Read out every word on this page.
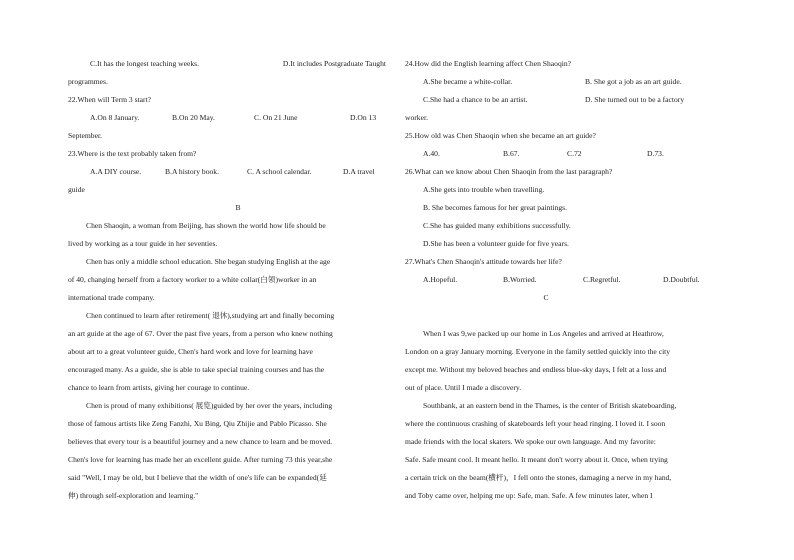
C.It has the longest teaching weeks.	D.It includes Postgraduate Taught
programmes.
22.When will Term 3 start?
A.On 8 January.	B.On 20 May.	C. On 21 June	D.On 13
September.
23.Where is the text probably taken from?
A.A DIY course.	B.A history book.	C. A school calendar.	D.A travel
guide
B
Chen Shaoqin, a woman from Beijing, has shown the world how life should be
lived by working as a tour guide in her seventies.
Chen has only a middle school education. She began studying English at the age
of 40, changing herself from a factory worker to a white collar(白领)worker in an
international trade company.
Chen continued to learn after retirement( 退休),studying art and finally becoming
an art guide at the age of 67. Over the past five years, from a person who knew nothing
about art to a great volunteer guide, Chen's hard work and love for learning have
encouraged many. As a guide, she is able to take special training courses and has the
chance to learn from artists, giving her courage to continue.
Chen is proud of many exhibitions( 展览)guided by her over the years, including
those of famous artists like Zeng Fanzhi, Xu Bing, Qiu Zhijie and Pablo Picasso. She
believes that every tour is a beautiful journey and a new chance to learn and be moved.
Chen's love for learning has made her an excellent guide. After turning 73 this year,she
said "Well, I may be old, but I believe that the width of one's life can be expanded(延
伸) through self-exploration and learning."
24.How did the English learning affect Chen Shaoqin?
A.She became a white-collar.	B. She got a job as an art guide.
C.She had a chance to be an artist.	D. She turned out to be a factory
worker.
25.How old was Chen Shaoqin when she became an art guide?
A.40.	B.67.	C.72	D.73.
26.What can we know about Chen Shaoqin from the last paragraph?
A.She gets into trouble when travelling.
B. She becomes famous for her great paintings.
C.She has guided many exhibitions successfully.
D.She has been a volunteer guide for five years.
27.What's Chen Shaoqin's attitude towards her life?
A.Hopeful.	B.Worried.	C.Regretful.	D.Doubtful.
C
When I was 9,we packed up our home in Los Angeles and arrived at Heathrow,
London on a gray January morning. Everyone in the family settled quickly into the city
except me. Without my beloved beaches and endless blue-sky days, I felt at a loss and
out of place. Until I made a discovery.
Southbank, at an eastern bend in the Thames, is the center of British skateboarding,
where the continuous crashing of skateboards left your head ringing. I loved it. I soon
made friends with the local skaters. We spoke our own language. And my favorite:
Safe. Safe meant cool. It meant hello. It meant don't worry about it. Once, when trying
a certain trick on the beam(横杆)，I fell onto the stones, damaging a nerve in my hand,
and Toby came over, helping me up: Safe, man. Safe. A few minutes later, when I
